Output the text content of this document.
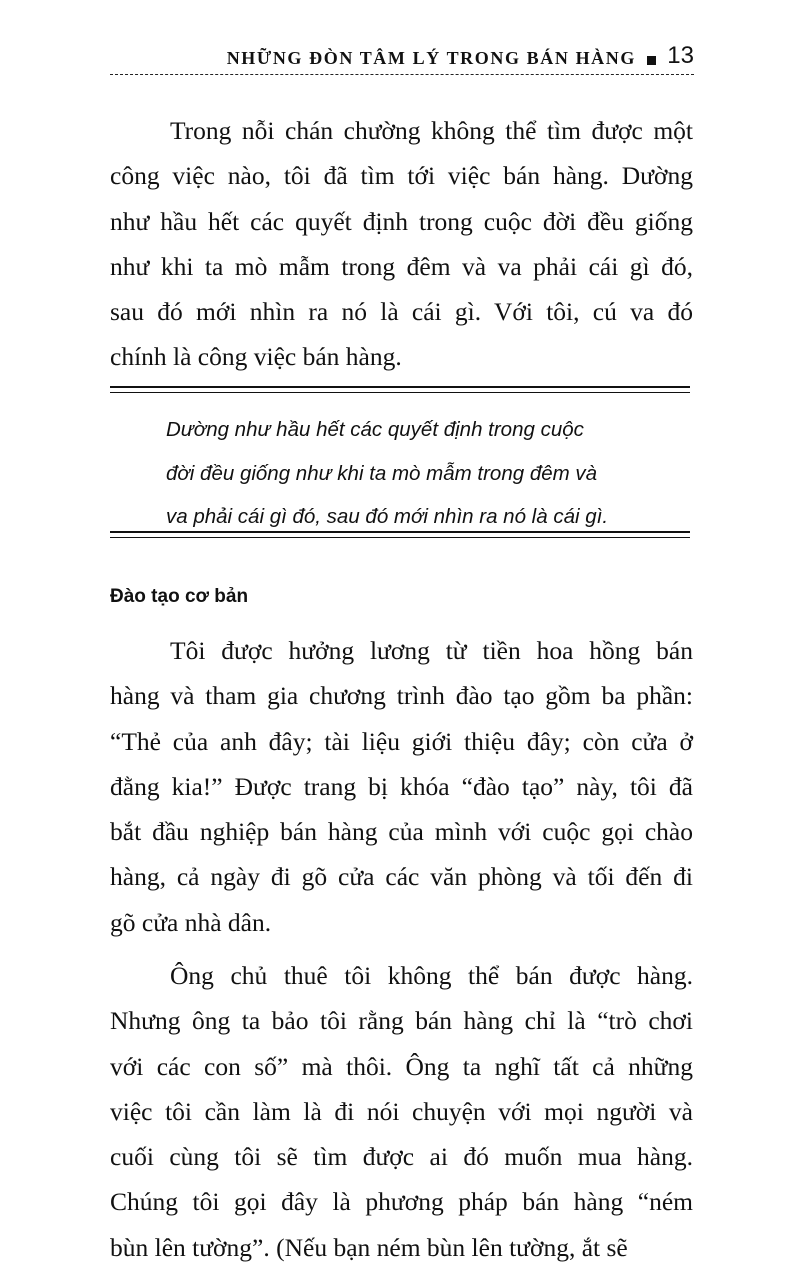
NHỮNG ĐÒN TÂM LÝ TRONG BÁN HÀNG 13
Trong nỗi chán chường không thể tìm được một
công việc nào, tôi đã tìm tới việc bán hàng. Dường
như hầu hết các quyết định trong cuộc đời đều giống
như khi ta mò mẫm trong đêm và va phải cái gì đó,
sau đó mới nhìn ra nó là cái gì. Với tôi, cú va đó
chính là công việc bán hàng.
Dường như hầu hết các quyết định trong cuộc
đời đều giống như khi ta mò mẫm trong đêm và
va phải cái gì đó, sau đó mới nhìn ra nó là cái gì.
Đào tạo cơ bản
Tôi được hưởng lương từ tiền hoa hồng bán
hàng và tham gia chương trình đào tạo gồm ba phần:
“Thẻ của anh đây; tài liệu giới thiệu đây; còn cửa ở
đằng kia!” Được trang bị khóa “đào tạo” này, tôi đã
bắt đầu nghiệp bán hàng của mình với cuộc gọi chào
hàng, cả ngày đi gõ cửa các văn phòng và tối đến đi
gõ cửa nhà dân.
Ông chủ thuê tôi không thể bán được hàng.
Nhưng ông ta bảo tôi rằng bán hàng chỉ là “trò chơi
với các con số” mà thôi. Ông ta nghĩ tất cả những
việc tôi cần làm là đi nói chuyện với mọi người và
cuối cùng tôi sẽ tìm được ai đó muốn mua hàng.
Chúng tôi gọi đây là phương pháp bán hàng “ném
bùn lên tường”. (Nếu bạn ném bùn lên tường, ắt sẽ
